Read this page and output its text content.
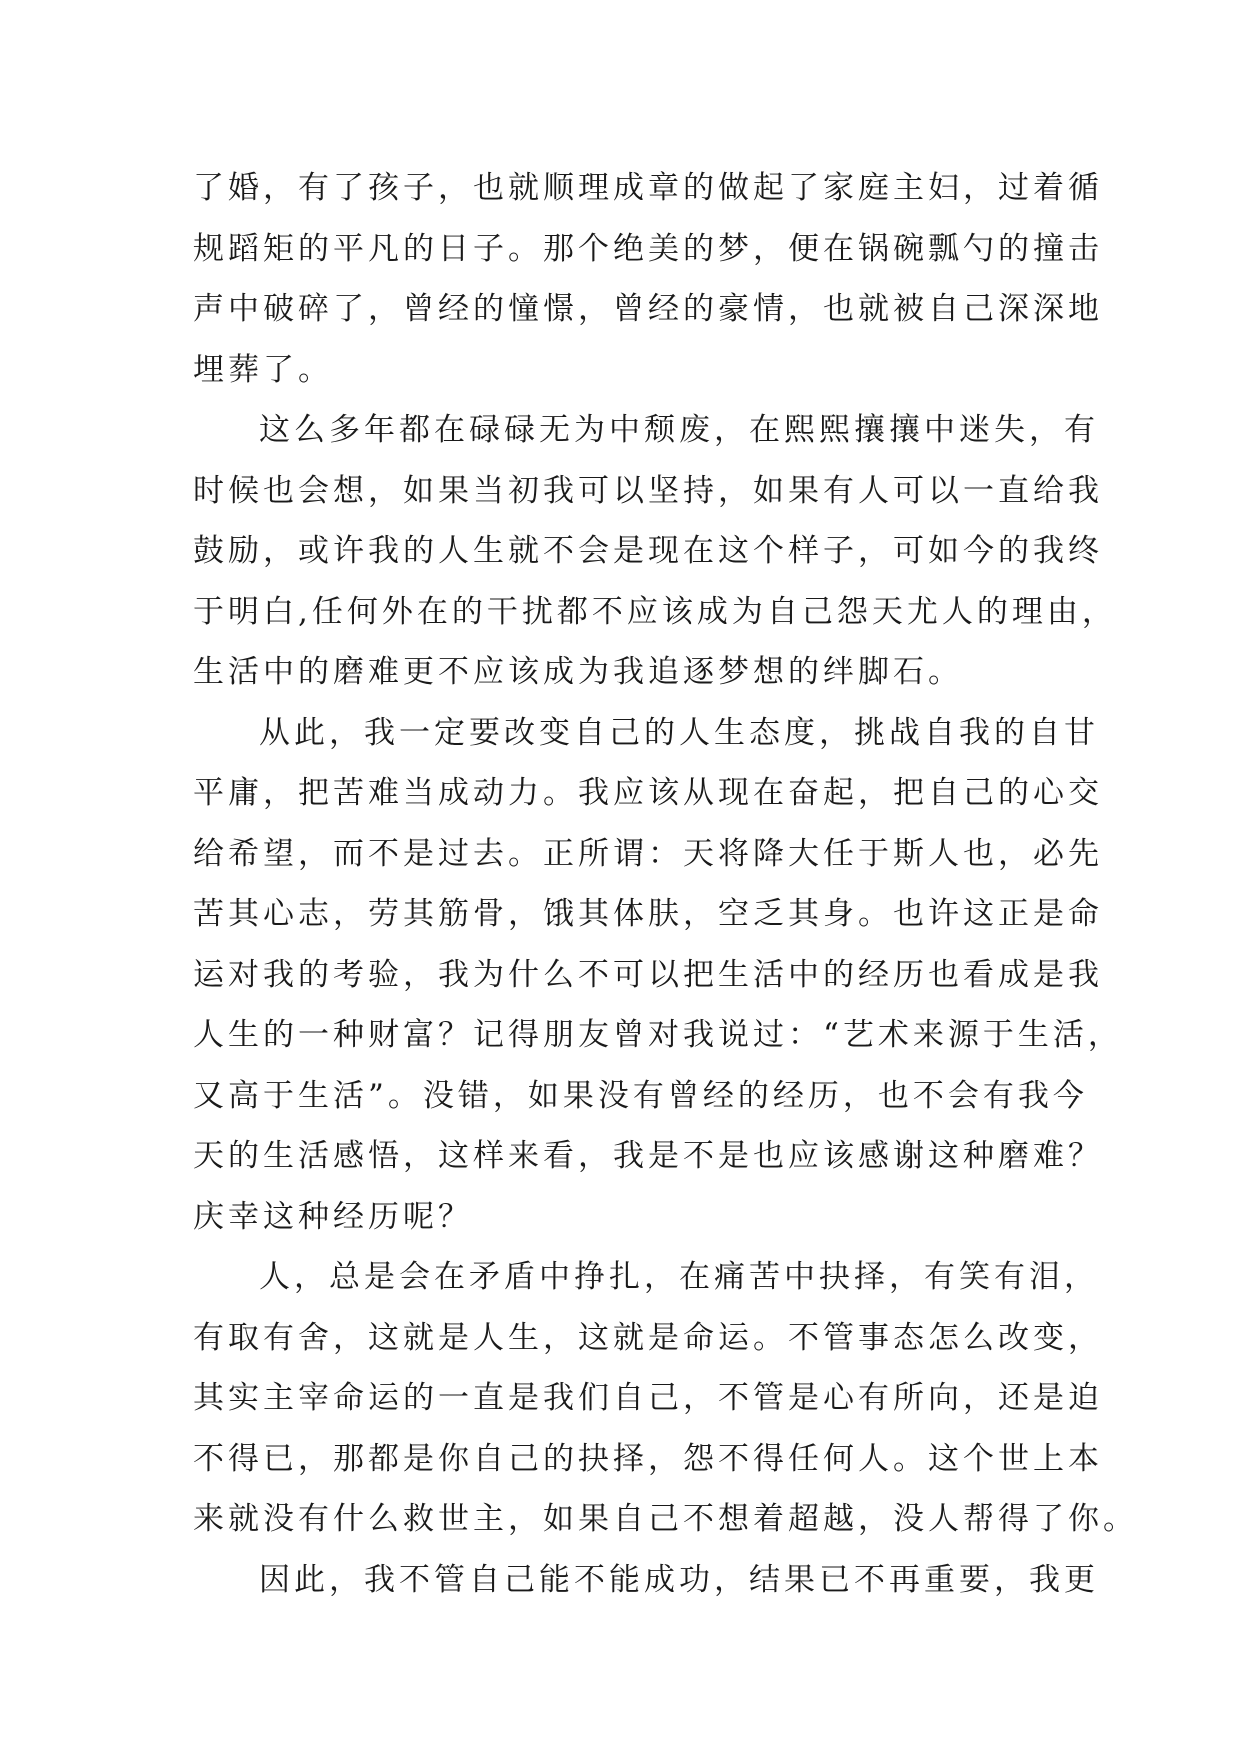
了婚，有了孩子，也就顺理成章的做起了家庭主妇，过着循
规蹈矩的平凡的日子。那个绝美的梦，便在锅碗瓢勺的撞击
声中破碎了，曾经的憧憬，曾经的豪情，也就被自己深深地
埋葬了。
这么多年都在碌碌无为中颓废，在熙熙攘攘中迷失，有
时候也会想，如果当初我可以坚持，如果有人可以一直给我
鼓励，或许我的人生就不会是现在这个样子，可如今的我终
于明白,任何外在的干扰都不应该成为自己怨天尤人的理由，
生活中的磨难更不应该成为我追逐梦想的绊脚石。
从此，我一定要改变自己的人生态度，挑战自我的自甘
平庸，把苦难当成动力。我应该从现在奋起，把自己的心交
给希望，而不是过去。正所谓：天将降大任于斯人也，必先
苦其心志，劳其筋骨，饿其体肤，空乏其身。也许这正是命
运对我的考验，我为什么不可以把生活中的经历也看成是我
人生的一种财富？记得朋友曾对我说过：“艺术来源于生活，
又高于生活”。没错，如果没有曾经的经历，也不会有我今
天的生活感悟，这样来看，我是不是也应该感谢这种磨难？
庆幸这种经历呢？
人，总是会在矛盾中挣扎，在痛苦中抉择，有笑有泪，
有取有舍，这就是人生，这就是命运。不管事态怎么改变，
其实主宰命运的一直是我们自己，不管是心有所向，还是迫
不得已，那都是你自己的抉择，怨不得任何人。这个世上本
来就没有什么救世主，如果自己不想着超越，没人帮得了你。
因此，我不管自己能不能成功，结果已不再重要，我更
